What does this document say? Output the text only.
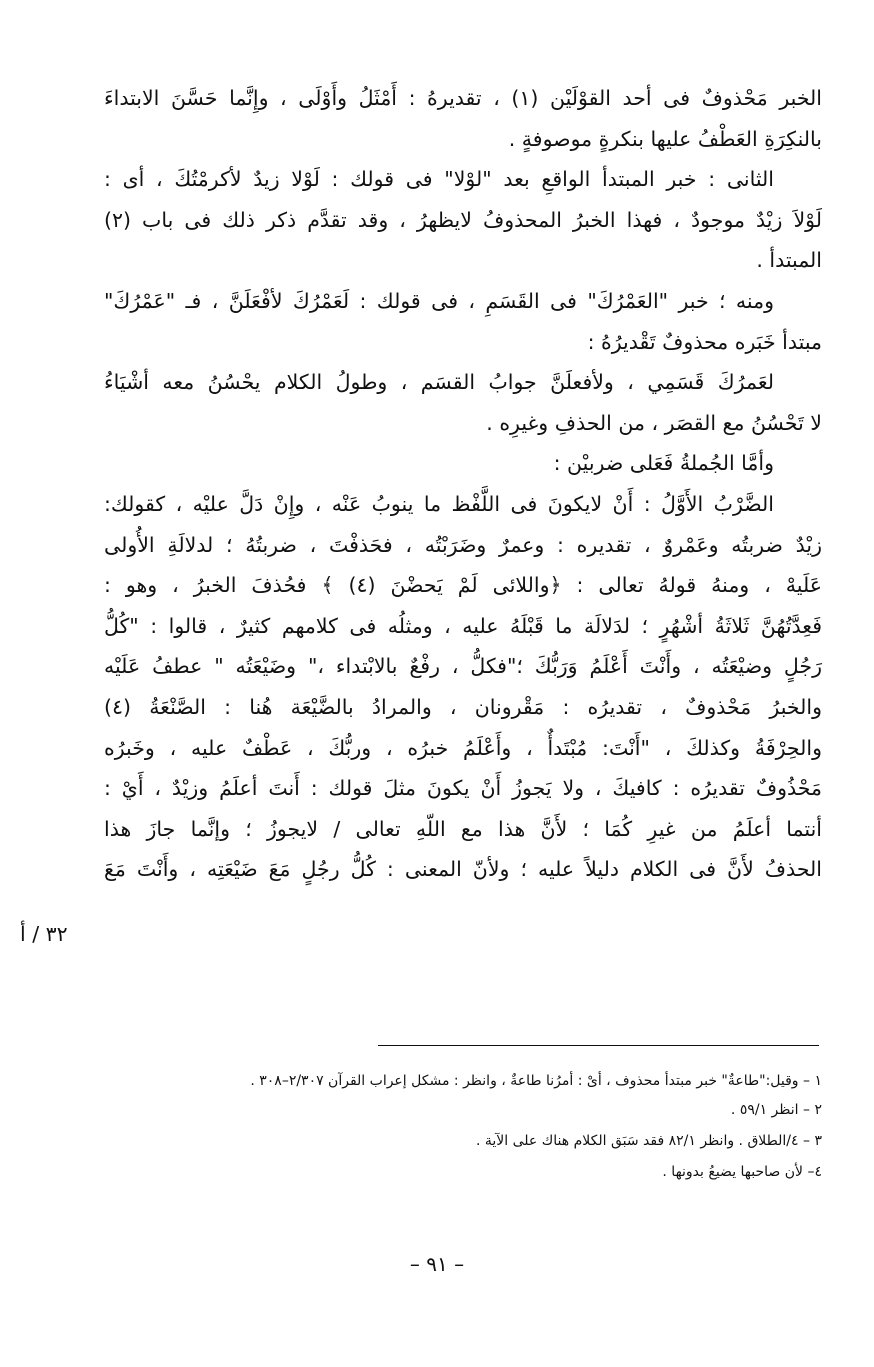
الخبر مَحْذوفٌ فى أحد القوْلَيْن (١) ، تقديرهُ : أَمْثَلُ وأَوْلَى ، وإِنَّما حَسَّنَ الابتداءَ
بالنكِرَةِ العَطْفُ عليها بنكرةٍ موصوفةٍ .
الثانى : خبر المبتدأ الواقعِ بعد "لوْلا" فى قولك : لَوْلا زيدٌ لأكرمْتُكَ ، أى :
لَوْلاَ زيْدٌ موجودٌ ، فهذا الخبرُ المحذوفُ لايظهرُ ، وقد تقدَّم ذكر ذلك فى باب (٢)
المبتدأ .
ومنه ؛ خبر "العَمْرُكَ" فى القَسَمِ ، فى قولك : لَعَمْرُكَ لأفْعَلَنَّ ، فـ "عَمْرُكَ"
مبتدأ خَبَره محذوفٌ تَقْديرُهُ :
لعَمرُكَ قَسَمِي ، ولأفعلَنَّ جوابُ القسَم ، وطولُ الكلام يحْسُنُ معه أشْيَاءُ
لا تَحْسُنُ مع القصَر ، من الحذفِ وغيرِه .
وأمَّا الجُملةُ فَعَلى ضربيْن :
الضَّرْبُ الأَوَّلُ : أَنْ لايكونَ فى اللَّفْظ ما ينوبُ عَنْه ، وإِنْ دَلَّ عليْه ، كقولك:
زيْدٌ ضربتُه وعَمْروٌ ، تقديره : وعمرٌ وضَرَبْتُه ، فحَذفْتَ ، ضربتُهُ ؛ لدلالَةِ الأُولى
عَلَيهْ ، ومنهُ قولهُ تعالى : ﴿واللائى لَمْ يَحضْنَ (٤) ﴾ فحُذفَ الخبرُ ، وهو :
فَعِدَّتُهُنَّ ثَلاثَةُ أشْهُرٍ ؛ لدَلالَة ما قَبْلَهُ عليه ، ومثلُه فى كلامهم كثيرٌ ، قالوا : "كُلُّ
رَجُلٍ وضيْعَتُه ، وأَنْتَ أَعْلَمُ وَرَبُّكَ ؛"فكلُّ ، رفْعٌ بالابْتداء ،" وضَيْعَتُه " عطفُ عَلَيْه
والخبرُ مَحْذوفٌ ، تقديرُه : مَقْرونان ، والمرادُ بالضَّيْعَة هُنا : الصَّنْعَةُ (٤)
والحِرْفَةُ وكذلكَ ، "أَنْتَ: مُبْتَدأٌ ، وأَعْلَمُ خبرُه ، وربُّكَ ، عَطْفٌ عليه ، وخَبرُه
مَحْذُوفٌ تقديرُه : كافيكَ ، ولا يَجوزُ أَنْ يكونَ مثلَ قولك : أَنتَ أعلَمُ وزيْدٌ ، أَيْ :
أنتما أعلَمُ من غيرِ كُمَا ؛ لأَنَّ هذا مع اللّهِ تعالى / لايجوزُ ؛ وإنَّما جازَ هذا
الحذفُ لأَنَّ فى الكلام دليلاً عليه ؛ ولأنّ المعنى : كُلُّ رجُلٍ مَعَ ضَيْعَتِه ، وأَنْتَ مَعَ
٣٢ / أ
١ – وقيل:"طاعةٌ" خبر مبتدأ محذوف ، أىْ : أمرُنا طاعةٌ ، وانظر : مشكل إعراب القرآن ٢/٣٠٧–٣٠٨ .
٢ – انظر ٥٩/١ .
٣ – ٤/الطلاق . وانظر ٨٢/١ فقد سَبَق الكلام هناك على الآية .
٤– لأن صاحبها يضيعُ بدونها .
– ٩١ –
